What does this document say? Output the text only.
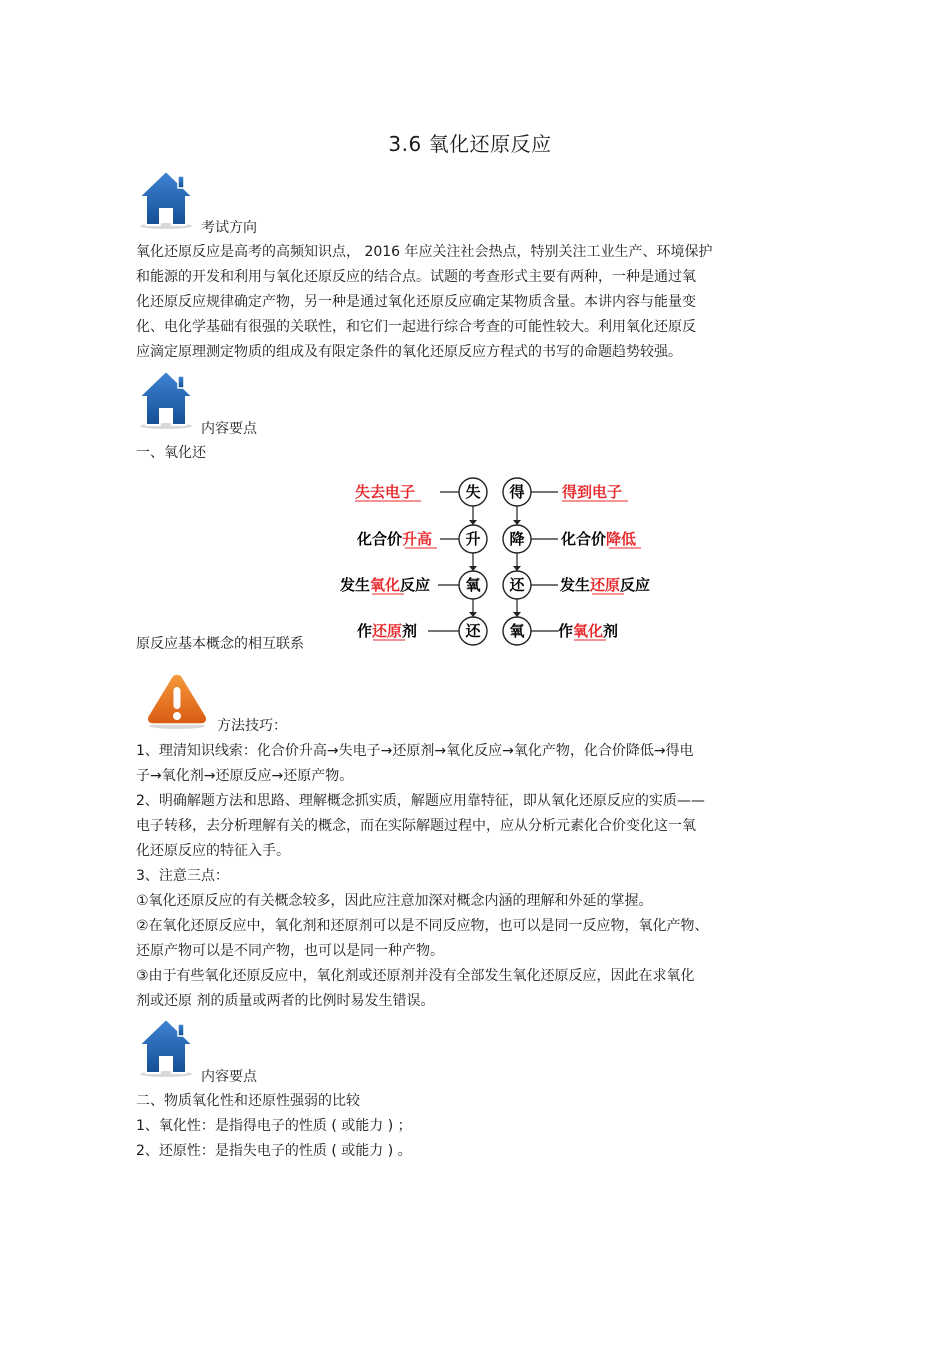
3.6 氧化还原反应
考试方向
氧化还原反应是高考的高频知识点， 2016 年应关注社会热点，特别关注工业生产、环境保护
和能源的开发和利用与氧化还原反应的结合点。试题的考查形式主要有两种，一种是通过氧
化还原反应规律确定产物，另一种是通过氧化还原反应确定某物质含量。本讲内容与能量变
化、电化学基础有很强的关联性，和它们一起进行综合考查的可能性较大。利用氧化还原反
应滴定原理测定物质的组成及有限定条件的氧化还原反应方程式的书写的命题趋势较强。
内容要点
一、氧化还
失
升
氧
还
得
降
还
氧
失去电子
化合价升高
发生氧化反应
作还原剂
得到电子
化合价降低
发生还原反应
作氧化剂
原反应基本概念的相互联系
方法技巧：
1、理清知识线索：化合价升高→失电子→还原剂→氧化反应→氧化产物，化合价降低→得电
子→氧化剂→还原反应→还原产物。
2、明确解题方法和思路、理解概念抓实质，解题应用靠特征，即从氧化还原反应的实质——
电子转移，去分析理解有关的概念，而在实际解题过程中，应从分析元素化合价变化这一氧
化还原反应的特征入手。
3、注意三点：
①氧化还原反应的有关概念较多，因此应注意加深对概念内涵的理解和外延的掌握。
②在氧化还原反应中，氧化剂和还原剂可以是不同反应物，也可以是同一反应物，氧化产物、
还原产物可以是不同产物，也可以是同一种产物。
③由于有些氧化还原反应中，氧化剂或还原剂并没有全部发生氧化还原反应，因此在求氧化
剂或还原 剂的质量或两者的比例时易发生错误。
内容要点
二、物质氧化性和还原性强弱的比较
1、氧化性：是指得电子的性质 ( 或能力 ) ；
2、还原性：是指失电子的性质 ( 或能力 ) 。
